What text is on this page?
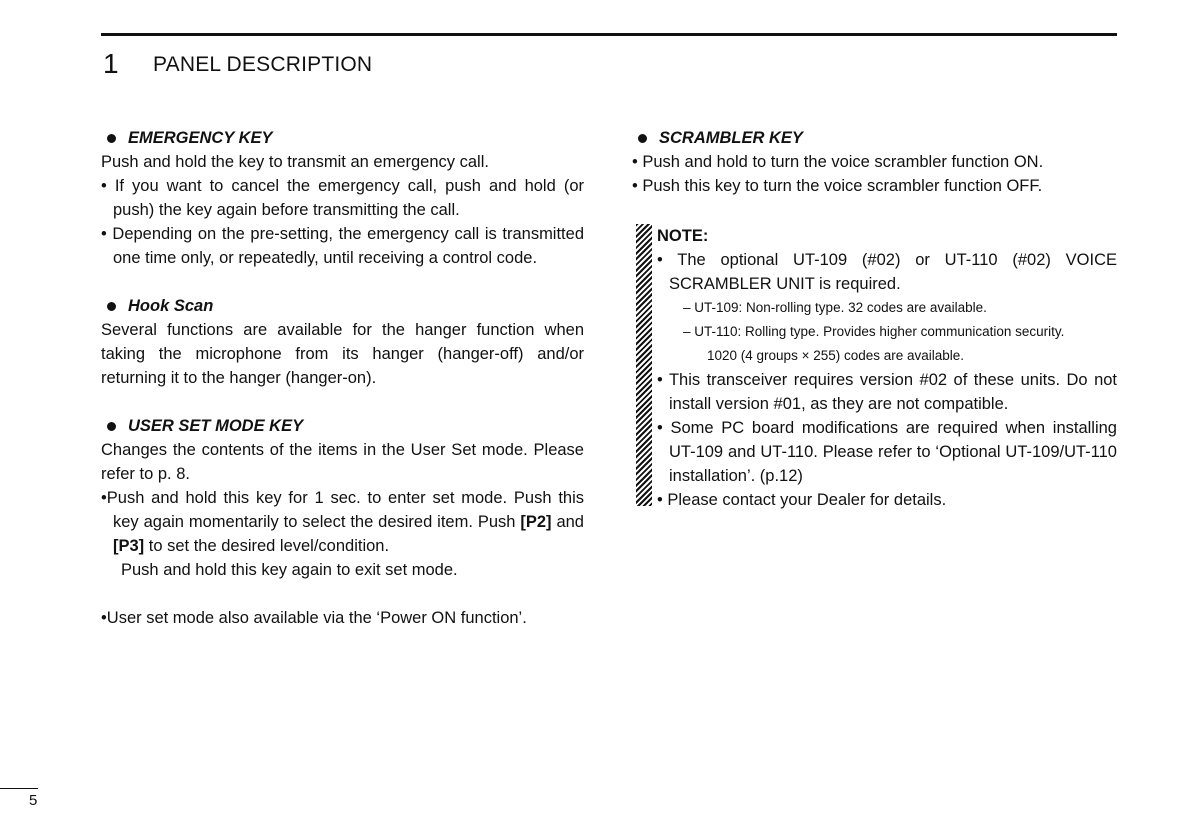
1 PANEL DESCRIPTION
EMERGENCY KEY

Push and hold the key to transmit an emergency call.

• If you want to cancel the emergency call, push and hold (or push) the key again before transmitting the call.

• Depending on the pre-setting, the emergency call is transmitted one time only, or repeatedly, until receiving a control code.

Hook Scan

Several functions are available for the hanger function when taking the microphone from its hanger (hanger-off) and/or returning it to the hanger (hanger-on).

USER SET MODE KEY

Changes the contents of the items in the User Set mode. Please refer to p. 8.

•Push and hold this key for 1 sec. to enter set mode. Push this key again momentarily to select the desired item. Push [P2] and [P3] to set the desired level/condition.

Push and hold this key again to exit set mode.

•User set mode also available via the ‘Power ON function’.

SCRAMBLER KEY

• Push and hold to turn the voice scrambler function ON.

• Push this key to turn the voice scrambler function OFF.

NOTE:

• The optional UT-109 (#02) or UT-110 (#02) VOICE SCRAMBLER UNIT is required.

– UT-109: Non-rolling type. 32 codes are available.

– UT-110: Rolling type. Provides higher communication security.

1020 (4 groups × 255) codes are available.

• This transceiver requires version #02 of these units. Do not install version #01, as they are not compatible.

• Some PC board modifications are required when installing UT-109 and UT-110. Please refer to ‘Optional UT-109/UT-110 installation’. (p.12)

• Please contact your Dealer for details.

5
